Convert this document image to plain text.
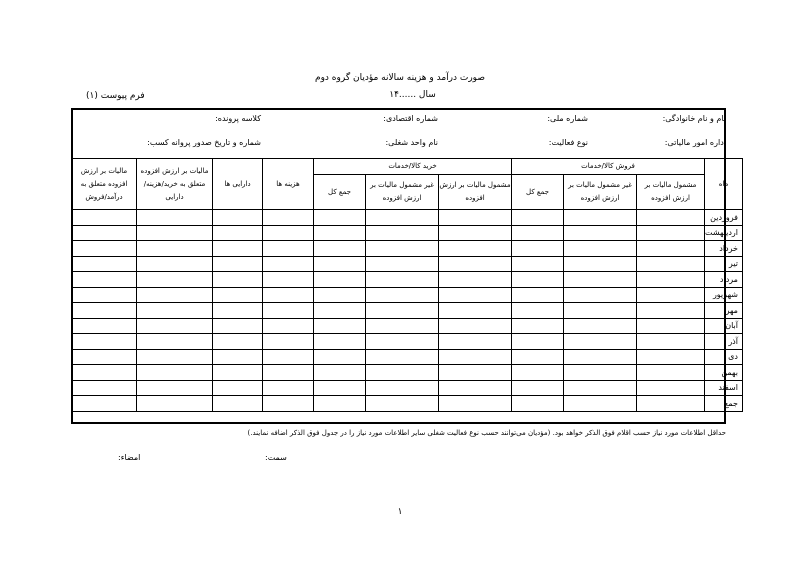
صورت درآمد و هزینه سالانه مؤدیان گروه دوم
سال ......۱۴
فرم پیوست (۱)
نام و نام خانوادگی:
شماره ملی:
شماره اقتصادی:
کلاسه پرونده:
اداره امور مالیاتی:
نوع فعالیت:
نام واحد شغلی:
شماره و تاریخ صدور پروانه کسب:
مالیات بر ارزش افزوده متعلق به درآمد/فروش	مالیات بر ارزش افزوده متعلق به خرید/هزینه/دارایی	دارایی ها	هزینه ها	خرید کالا/خدمات			فروش کالا/خدمات			ماه
				جمع کل	غیر مشمول مالیات بر ارزش افزوده	مشمول مالیات بر ارزش افزوده	جمع کل	غیر مشمول مالیات بر ارزش افزوده	مشمول مالیات بر ارزش افزوده	
										فروردین
										اردیبهشت
										خرداد
										تیر
										مرداد
										شهریور
										مهر
										آبان
										آذر
										دی
										بهمن
										اسفند
										جمع
حداقل اطلاعات مورد نیاز حسب اقلام فوق الذکر خواهد بود. (مؤدیان می‌توانند حسب نوع فعالیت شغلی سایر اطلاعات مورد نیاز را در جدول فوق الذکر اضافه نمایند.)
امضاء:	سمت:
۱
